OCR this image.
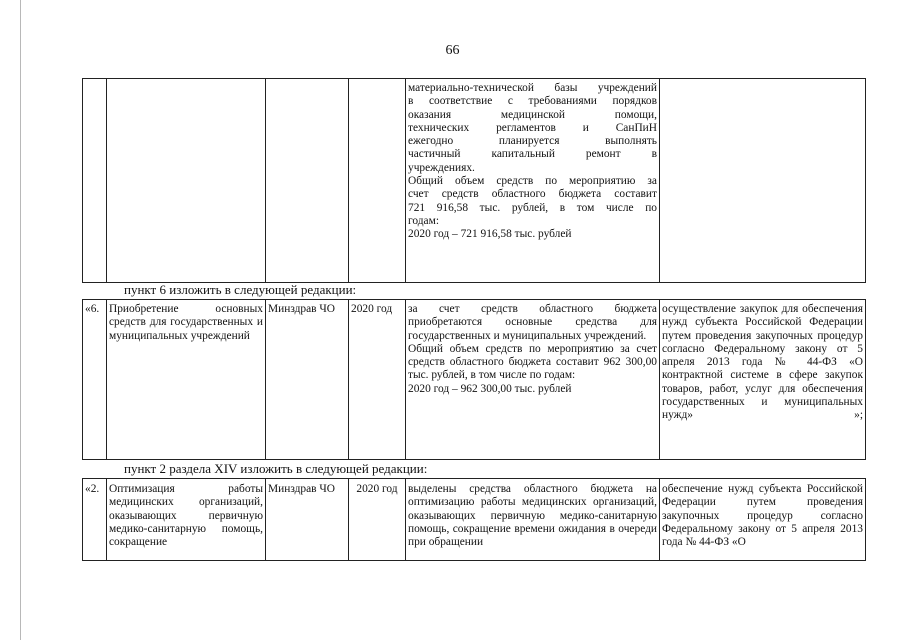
66

материально-технической базы учреждений
в соответствие с требованиями порядков
оказания медицинской помощи,
технических регламентов и СанПиН
ежегодно планируется выполнять
частичный капитальный ремонт в
учреждениях.
Общий объем средств по мероприятию за
счет средств областного бюджета составит
721 916,58 тыс. рублей, в том числе по
годам:
2020 год – 721 916,58 тыс. рублей

пункт 6 изложить в следующей редакции:
«6.	Приобретение основных средств для государственных и муниципальных учреждений	Минздрав ЧО	2020 год	за счет средств областного бюджета приобретаются основные средства для государственных и муниципальных учреждений.

Общий объем средств по мероприятию за счет средств областного бюджета составит 962 300,00 тыс. рублей, в том числе по годам:

2020 год – 962 300,00 тыс. рублей

	осуществление закупок для обеспечения нужд субъекта Российской Федерации путем проведения закупочных процедур согласно Федеральному закону от 5 апреля 2013 года № 44-ФЗ «О контрактной системе в сфере закупок товаров, работ, услуг для обеспечения государственных и муниципальных нужд»	»;
пункт 2 раздела XIV изложить в следующей редакции:
«2.	Оптимизация работы медицинских организаций, оказывающих первичную медико-санитарную помощь, сокращение	Минздрав ЧО	2020 год	выделены средства областного бюджета на оптимизацию работы медицинских организаций, оказывающих первичную медико-санитарную помощь, сокращение времени ожидания в очереди при обращении	обеспечение нужд субъекта Российской Федерации путем проведения закупочных процедур согласно Федеральному закону от 5 апреля 2013 года № 44-ФЗ «О
